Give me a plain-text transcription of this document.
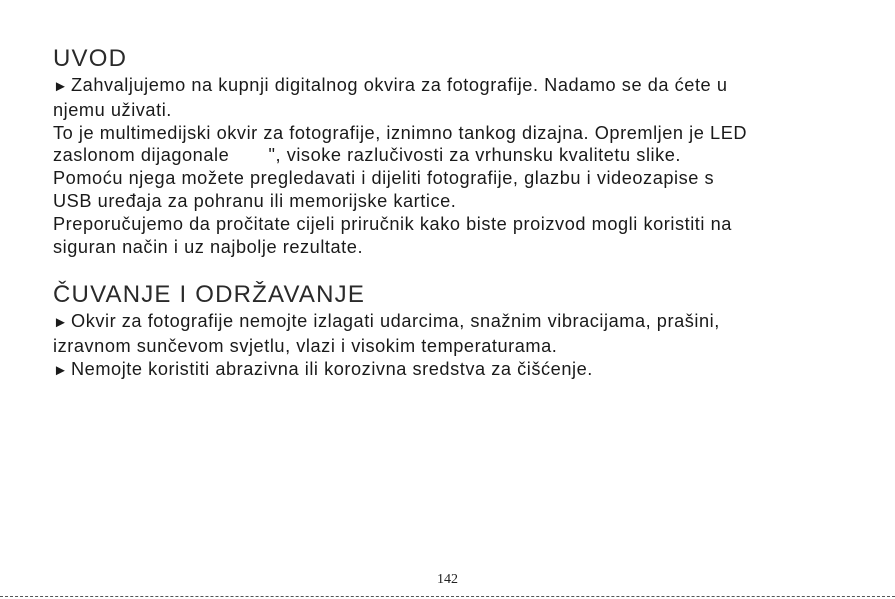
UVOD

► Zahvaljujemo na kupnji digitalnog okvira za fotografije. Nadamo se da ćete u

njemu uživati.

To je multimedijski okvir za fotografije, iznimno tankog dizajna. Opremljen je LED

zaslonom dijagonale       ", visoke razlučivosti za vrhunsku kvalitetu slike.

Pomoću njega možete pregledavati i dijeliti fotografije, glazbu i videozapise s

USB uređaja za pohranu ili memorijske kartice.

Preporučujemo da pročitate cijeli priručnik kako biste proizvod mogli koristiti na

siguran način i uz najbolje rezultate.

ČUVANJE I ODRŽAVANJE

► Okvir za fotografije nemojte izlagati udarcima, snažnim vibracijama, prašini,

izravnom sunčevom svjetlu, vlazi i visokim temperaturama.

► Nemojte koristiti abrazivna ili korozivna sredstva za čišćenje.

142
